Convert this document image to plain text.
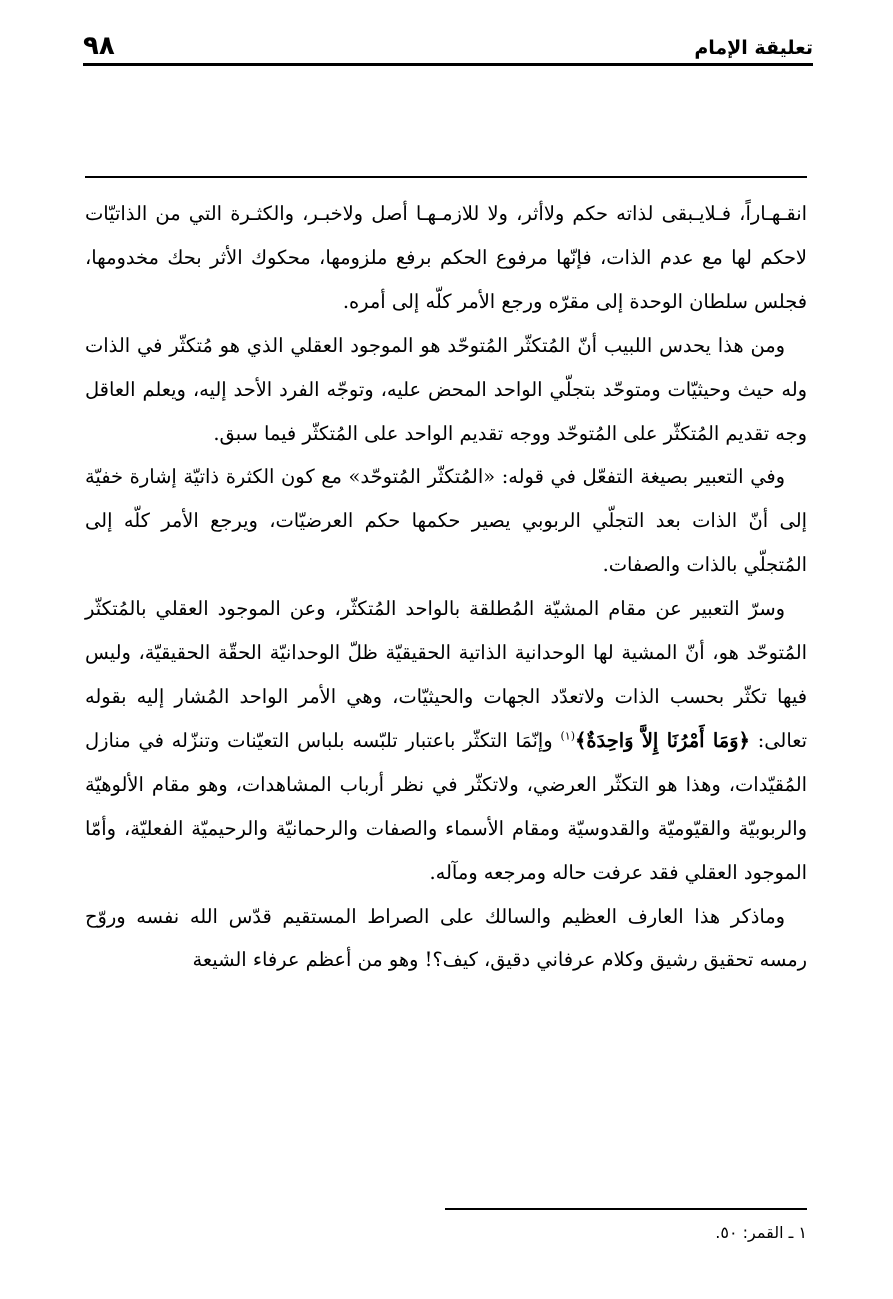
تعليقة الإمام
٩٨

انقـهـاراً، فـلايـبقى لذاته حكم ولاأثر، ولا للازمـهـا أصل ولاخبـر، والكثـرة التي من الذاتيّات لاحكم لها مع عدم الذات، فإنّها مرفوع الحكم برفع ملزومها، محكوك الأثر بحك مخدومها، فجلس سلطان الوحدة إلى مقرّه ورجع الأمر كلّه إلى أمره.

ومن هذا يحدس اللبيب أنّ المُتكثّر المُتوحّد هو الموجود العقلي الذي هو مُتكثّر في الذات وله حيث وحيثيّات ومتوحّد بتجلّي الواحد المحض عليه، وتوجّه الفرد الأحد إليه، ويعلم العاقل وجه تقديم المُتكثّر على المُتوحّد ووجه تقديم الواحد على المُتكثّر فيما سبق.

وفي التعبير بصيغة التفعّل في قوله: «المُتكثّر المُتوحّد» مع كون الكثرة ذاتيّة إشارة خفيّة إلى أنّ الذات بعد التجلّي الربوبي يصير حكمها حكم العرضيّات، ويرجع الأمر كلّه إلى المُتجلّي بالذات والصفات.

وسرّ التعبير عن مقام المشيّة المُطلقة بالواحد المُتكثّر، وعن الموجود العقلي بالمُتكثّر المُتوحّد هو، أنّ المشية لها الوحدانية الذاتية الحقيقيّة ظلّ الوحدانيّة الحقّة الحقيقيّة، وليس فيها تكثّر بحسب الذات ولاتعدّد الجهات والحيثيّات، وهي الأمر الواحد المُشار إليه بقوله تعالى: ﴿وَمَا أَمْرُنَا إِلاَّ وَاحِدَةٌ﴾$^{(١)}$ وإنّمَا التكثّر باعتبار تلبّسه بلباس التعيّنات وتنزّله في منازل المُقيّدات، وهذا هو التكثّر العرضي، ولاتكثّر في نظر أرباب المشاهدات، وهو مقام الألوهيّة والربوبيّة والقيّوميّة والقدوسيّة ومقام الأسماء والصفات والرحمانيّة والرحيميّة الفعليّة، وأمّا الموجود العقلي فقد عرفت حاله ومرجعه ومآله.

وماذكر هذا العارف العظيم والسالك على الصراط المستقيم قدّس الله نفسه وروّح رمسه تحقيق رشيق وكلام عرفاني دقيق، كيف؟! وهو من أعظم عرفاء الشيعة

١ ـ القمر: ٥٠.
